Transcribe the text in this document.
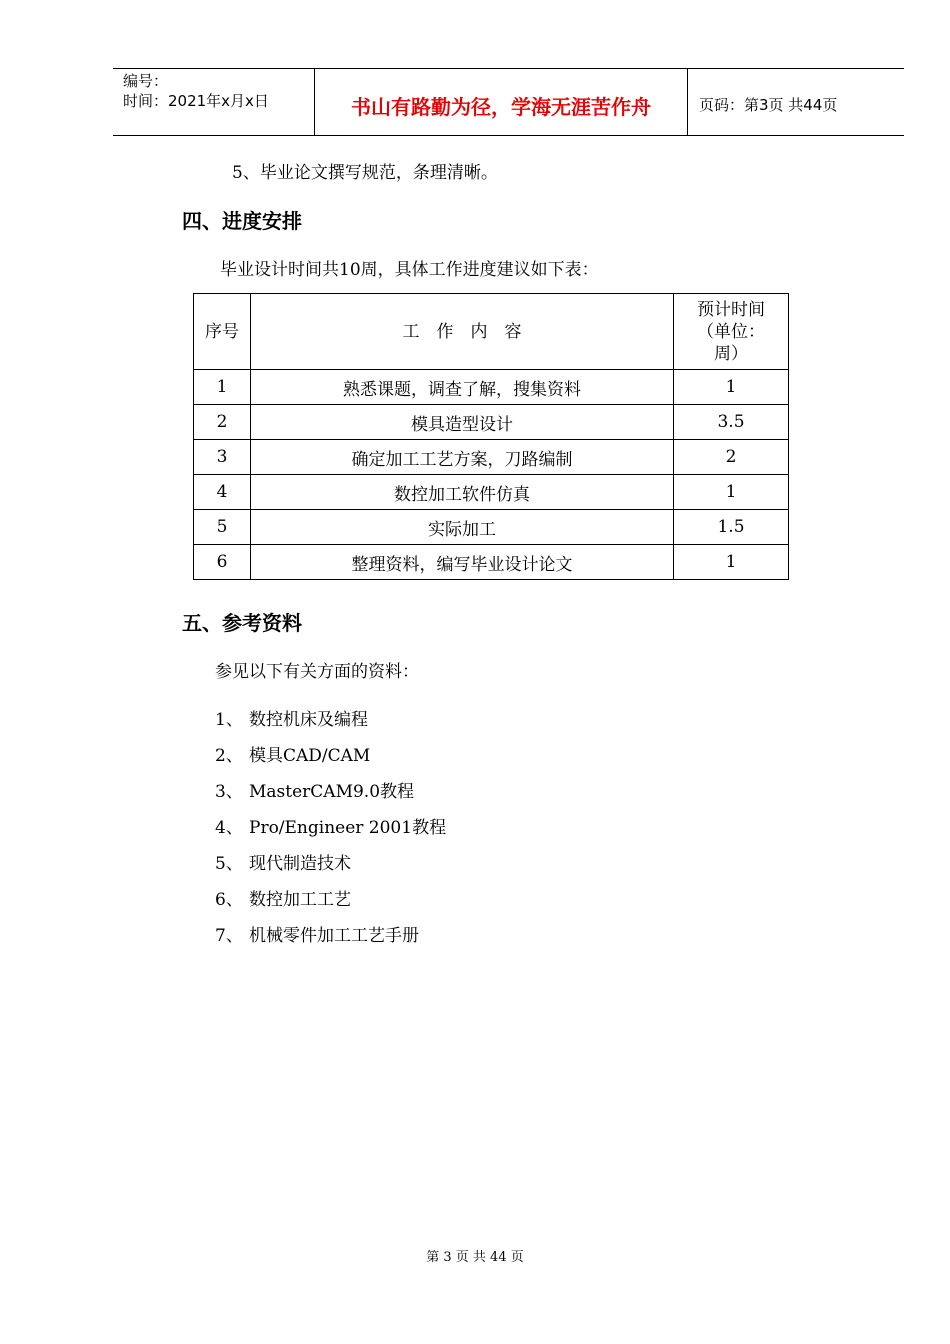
编号：
时间：2021年x月x日	书山有路勤为径，学海无涯苦作舟	页码：第3页 共44页
5、毕业论文撰写规范，条理清晰。
四、进度安排
毕业设计时间共10周，具体工作进度建议如下表：
序号	工　作　内　容	预计时间
（单位：
周）

1	熟悉课题，调查了解，搜集资料	1
2	模具造型设计	3.5
3	确定加工工艺方案，刀路编制	2
4	数控加工软件仿真	1
5	实际加工	1.5
6	整理资料，编写毕业设计论文	1
五、参考资料
参见以下有关方面的资料：
1、 数控机床及编程
2、 模具CAD/CAM
3、 MasterCAM9.0教程
4、 Pro/Engineer 2001教程
5、 现代制造技术
6、 数控加工工艺
7、 机械零件加工工艺手册
第 3 页 共 44 页
